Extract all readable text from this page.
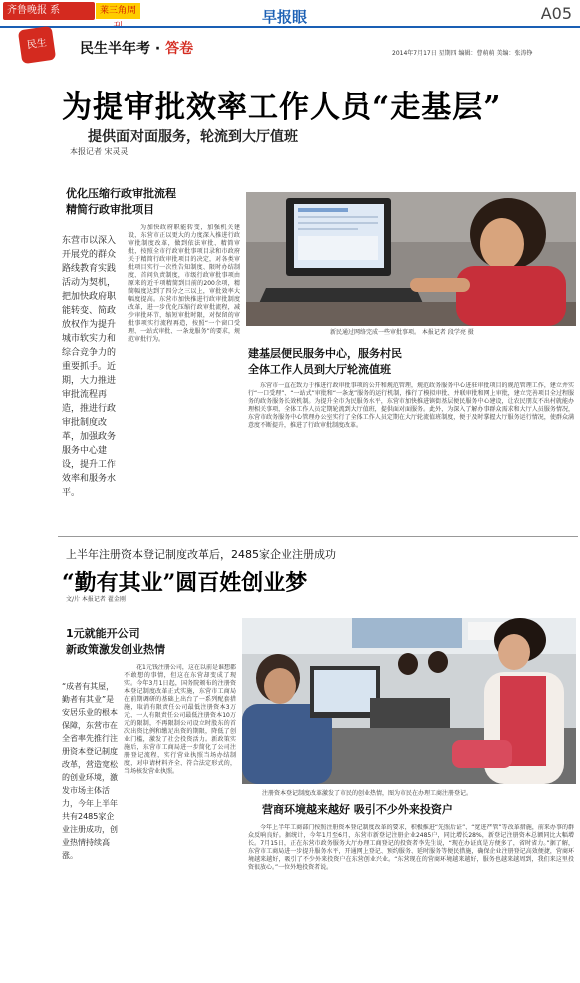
齐鲁晚报 系	莱三角周	早报眼	A05
民生	民生半年考 · 答卷	2014年7月17日 星期四 编辑：曹萌萌 美编：张涛铮
为提审批效率工作人员“走基层”
提供面对面服务，轮流到大厅值班
本报记者 宋灵灵
优化压缩行政审批流程
精简行政审批项目
东营市以深入开展党的群众路线教育实践活动为契机，把加快政府职能转变、简政放权作为提升城市软实力和综合竞争力的重要抓手。近期，大力推进审批流程再造，推进行政审批制度改革，加强政务服务中心建设，提升工作效率和服务水平。

为加快政府职能转变，加强机关建设，东营市正以更大的力度深入推进行政审批制度改革，做到依法审批、精简审批，按照全市行政审批事项目录和市政府关于精简行政审批项目的决定，对各类审批项目实行一次性告知制度、限时办结制度、首问负责制度，市级行政审批事项由原来的近千项精简到目前的200余项，精简幅度达到了四分之三以上，审批效率大幅度提高。东营市加快推进行政审批制度改革，进一步优化压缩行政审批流程，减少审批环节，缩短审批时限，对保留的审批事项实行流程再造，按照“一个窗口受理、一站式审批、一条龙服务”的要求，规范审批行为。

新民通过网络完成一些审批事项。 本报记者 段学亮 摄
建基层便民服务中心，服务村民
全体工作人员到大厅轮流值班

东营市一直在致力于推进行政审批事项的公开和规范管理，规范政务服务中心进驻审批项目的规范管理工作，建立并实行“一口受理”、“一站式”审批和“一条龙”服务的运行机制，推行了模拟审批、并联审批和网上审批，建立完善项目全过程服务的政务服务长效机制。为提升全市为民服务水平，东营市加快推进镇街基层便民服务中心建设，让农民朋友不出村就能办理相关事项，全体工作人员定期轮流到大厅值班，提供面对面服务。此外，为深入了解办事群众需求和大厅人员服务情况，东营市政务服务中心管理办公室实行了全体工作人员定期在大厅轮流值班制度，便于及时掌握大厅服务运行情况，使群众满意度不断提升，推进了行政审批制度改革。

上半年注册资本登记制度改革后，2485家企业注册成功
“勤有其业”圆百姓创业梦
文/片 本报记者 翟金刚
1元就能开公司
新政策激发创业热情
“成者有其屋，勤者有其业”是安居乐业的根本保障，东营市在全省率先推行注册资本登记制度改革，营造宽松的创业环境，激发市场主体活力，今年上半年共有2485家企业注册成功，创业热情持续高涨。

花1元钱注册公司，这在以前是谁想都不敢想的事情，但这在东营却变成了现实。今年3月1日起，国务院颁布的注册资本登记制度改革正式实施，东营市工商局在前期调研的基础上出台了一系列配套措施，取消有限责任公司最低注册资本3万元、一人有限责任公司最低注册资本10万元的限制，不再限制公司设立时股东的首次出资比例和缴足出资的期限，降低了创业门槛，激发了社会投资活力。新政策实施后，东营市工商局进一步简化了公司注册登记流程，实行营业执照当场办结制度，对申请材料齐全、符合法定形式的，当场核发营业执照。

注册资本登记制度改革激发了市民的创业热情，图为市民在办理工商注册登记。
营商环境越来越好 吸引不少外来投资户

今年上半年工商部门按照注册资本登记制度改革的要求，积极推进“先照后证”、“宽进严管”等改革措施，前来办事的群众反响良好。据统计，今年1月至6月，东营市新登记注册企业2485户，同比增长28%，新登记注册资本总额同比大幅增长。7月15日，正在东营市政务服务大厅办理工商登记的投资者李先生说，“现在办证真是方便多了，省时省力。”据了解，东营市工商局进一步提升服务水平，开通网上登记、预约服务、延时服务等便民措施，确保企业注册登记高效便捷，营商环境越来越好，吸引了不少外来投资户在东营创业兴业。“东营现在的营商环境越来越好，服务也越来越周到，我们来这里投资很放心。”一位外地投资者说。
